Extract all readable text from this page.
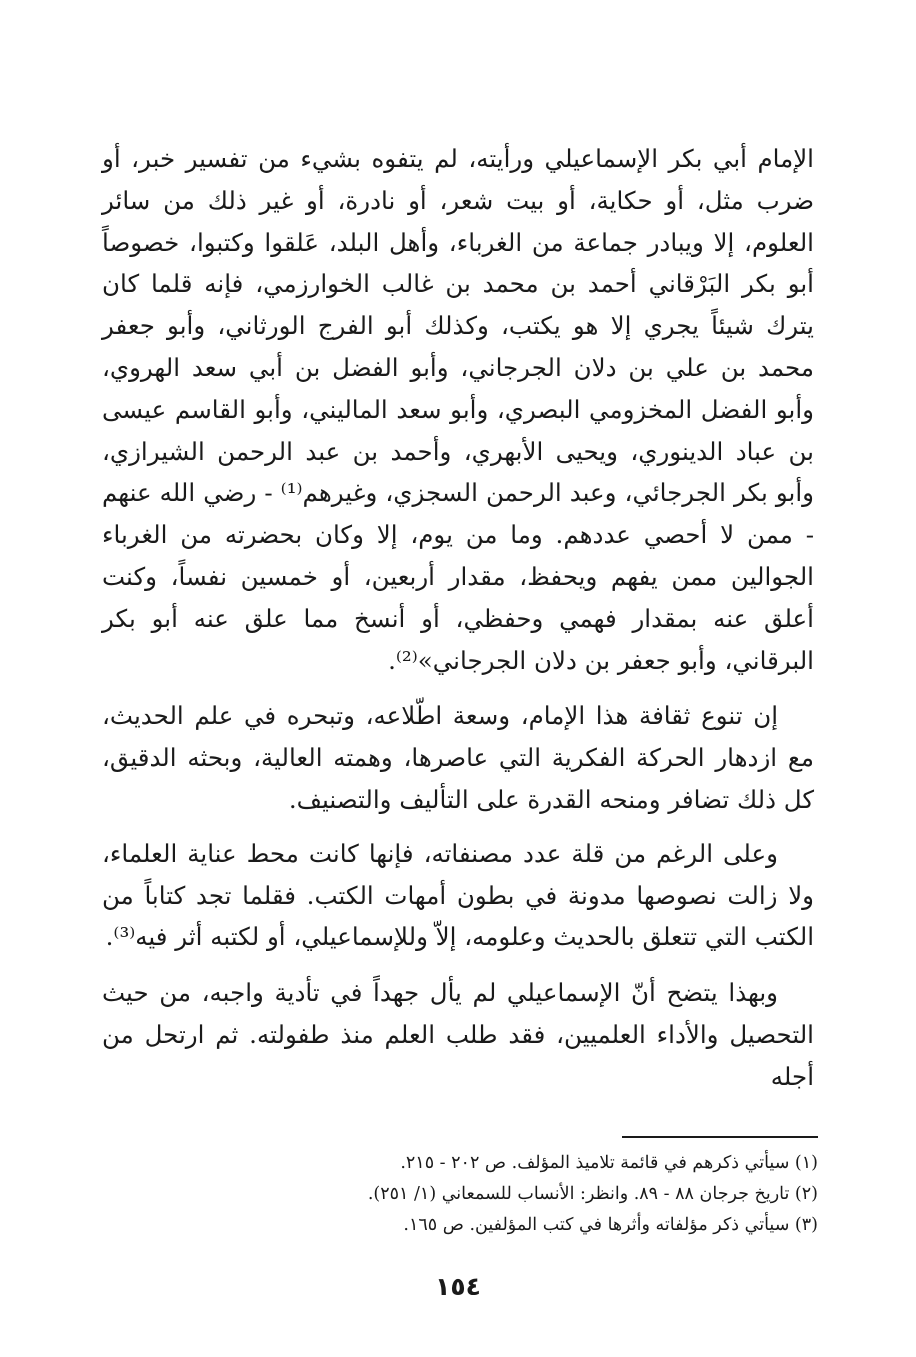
الإمام أبي بكر الإسماعيلي ورأيته، لم يتفوه بشيء من تفسير خبر، أو ضرب مثل، أو حكاية، أو بيت شعر، أو نادرة، أو غير ذلك من سائر العلوم، إلا ويبادر جماعة من الغرباء، وأهل البلد، عَلقوا وكتبوا، خصوصاً أبو بكر البَرْقاني أحمد بن محمد بن غالب الخوارزمي، فإنه قلما كان يترك شيئاً يجري إلا هو يكتب، وكذلك أبو الفرج الورثاني، وأبو جعفر محمد بن علي بن دلان الجرجاني، وأبو الفضل بن أبي سعد الهروي، وأبو الفضل المخزومي البصري، وأبو سعد الماليني، وأبو القاسم عيسى بن عباد الدينوري، ويحيى الأبهري، وأحمد بن عبد الرحمن الشيرازي، وأبو بكر الجرجائي، وعبد الرحمن السجزي، وغيرهم⁽¹⁾ - رضي الله عنهم - ممن لا أحصي عددهم. وما من يوم، إلا وكان بحضرته من الغرباء الجوالين ممن يفهم ويحفظ، مقدار أربعين، أو خمسين نفساً، وكنت أعلق عنه بمقدار فهمي وحفظي، أو أنسخ مما علق عنه أبو بكر البرقاني، وأبو جعفر بن دلان الجرجاني»⁽²⁾.

إن تنوع ثقافة هذا الإمام، وسعة اطّلاعه، وتبحره في علم الحديث، مع ازدهار الحركة الفكرية التي عاصرها، وهمته العالية، وبحثه الدقيق، كل ذلك تضافر ومنحه القدرة على التأليف والتصنيف.

وعلى الرغم من قلة عدد مصنفاته، فإنها كانت محط عناية العلماء، ولا زالت نصوصها مدونة في بطون أمهات الكتب. فقلما تجد كتاباً من الكتب التي تتعلق بالحديث وعلومه، إلاّ وللإسماعيلي، أو لكتبه أثر فيه⁽³⁾.

وبهذا يتضح أنّ الإسماعيلي لم يأل جهداً في تأدية واجبه، من حيث التحصيل والأداء العلميين، فقد طلب العلم منذ طفولته. ثم ارتحل من أجله

(١) سيأتي ذكرهم في قائمة تلاميذ المؤلف. ص ٢٠٢ - ٢١٥.

(٢) تاريخ جرجان ٨٨ - ٨٩. وانظر: الأنساب للسمعاني (١/ ٢٥١).

(٣) سيأتي ذكر مؤلفاته وأثرها في كتب المؤلفين. ص ١٦٥.

١٥٤
